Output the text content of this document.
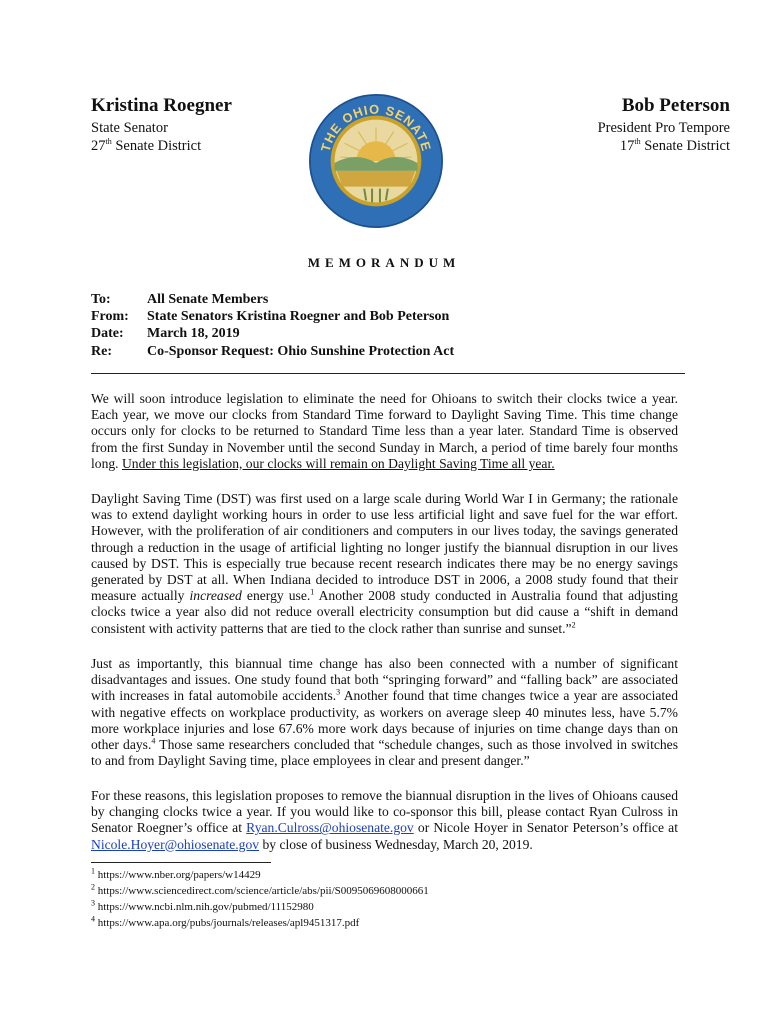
Kristina Roegner
State Senator
27th Senate District
Bob Peterson
President Pro Tempore
17th Senate District
THE OHIO SENATE
MEMORANDUM
To:	All Senate Members
From: State Senators Kristina Roegner and Bob Peterson
Date: March 18, 2019
Re:	Co-Sponsor Request: Ohio Sunshine Protection Act

We will soon introduce legislation to eliminate the need for Ohioans to switch their clocks twice a year. Each year, we move our clocks from Standard Time forward to Daylight Saving Time. This time change occurs only for clocks to be returned to Standard Time less than a year later. Standard Time is observed from the first Sunday in November until the second Sunday in March, a period of time barely four months long. Under this legislation, our clocks will remain on Daylight Saving Time all year.

Daylight Saving Time (DST) was first used on a large scale during World War I in Germany; the rationale was to extend daylight working hours in order to use less artificial light and save fuel for the war effort. However, with the proliferation of air conditioners and computers in our lives today, the savings generated through a reduction in the usage of artificial lighting no longer justify the biannual disruption in our lives caused by DST. This is especially true because recent research indicates there may be no energy savings generated by DST at all. When Indiana decided to introduce DST in 2006, a 2008 study found that their measure actually increased energy use.$^1$ Another 2008 study conducted in Australia found that adjusting clocks twice a year also did not reduce overall electricity consumption but did cause a “shift in demand consistent with activity patterns that are tied to the clock rather than sunrise and sunset.”$^2$

Just as importantly, this biannual time change has also been connected with a number of significant disadvantages and issues. One study found that both “springing forward” and “falling back” are associated with increases in fatal automobile accidents.$^3$ Another found that time changes twice a year are associated with negative effects on workplace productivity, as workers on average sleep 40 minutes less, have 5.7% more workplace injuries and lose 67.6% more work days because of injuries on time change days than on other days.$^4$ Those same researchers concluded that “schedule changes, such as those involved in switches to and from Daylight Saving time, place employees in clear and present danger.”

For these reasons, this legislation proposes to remove the biannual disruption in the lives of Ohioans caused by changing clocks twice a year. If you would like to co-sponsor this bill, please contact Ryan Culross in Senator Roegner’s office at Ryan.Culross@ohiosenate.gov or Nicole Hoyer in Senator Peterson’s office at Nicole.Hoyer@ohiosenate.gov by close of business Wednesday, March 20, 2019.

$^1$ https://www.nber.org/papers/w14429
$^2$ https://www.sciencedirect.com/science/article/abs/pii/S0095069608000661
$^3$ https://www.ncbi.nlm.nih.gov/pubmed/11152980
$^4$ https://www.apa.org/pubs/journals/releases/apl9451317.pdf
